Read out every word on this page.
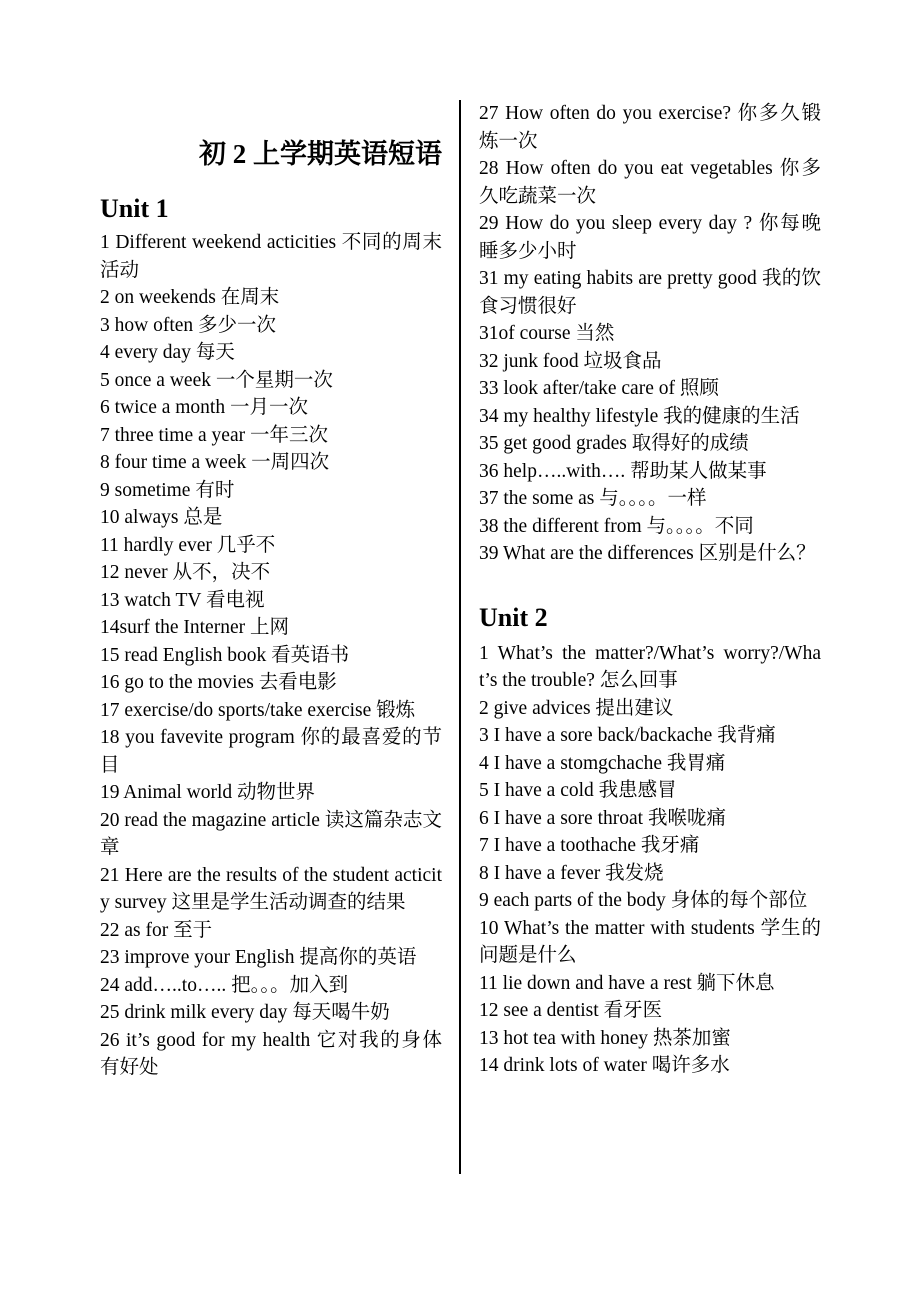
初 2 上学期英语短语
Unit 1
1 Different weekend acticities 不同的周末活动
2 on weekends 在周末
3 how often 多少一次
4 every day 每天
5 once a week 一个星期一次
6 twice a month 一月一次
7 three time a year 一年三次
8 four time a week 一周四次
9 sometime 有时
10 always 总是
11 hardly ever 几乎不
12 never 从不，决不
13 watch TV 看电视
14surf the Interner 上网
15 read English book 看英语书
16 go to the movies 去看电影
17 exercise/do sports/take exercise 锻炼
18 you favevite program 你的最喜爱的节目
19 Animal world 动物世界
20 read the magazine article 读这篇杂志文章
21 Here are the results of the student acticity survey 这里是学生活动调查的结果
22 as for 至于
23 improve your English 提高你的英语
24 add…..to….. 把。。。加入到
25 drink milk every day 每天喝牛奶
26 it’s good for my health 它对我的身体有好处
27 How often do you exercise? 你多久锻炼一次
28 How often do you eat vegetables 你多久吃蔬菜一次
29 How do you sleep every day ? 你每晚睡多少小时
31 my eating habits are pretty good 我的饮食习惯很好
31of course 当然
32 junk food 垃圾食品
33 look after/take care of 照顾
34 my healthy lifestyle 我的健康的生活
35 get good grades 取得好的成绩
36 help…..with…. 帮助某人做某事
37 the some as 与。。。。一样
38 the different from 与。。。。不同
39 What are the differences 区别是什么？
Unit 2
1 What’s the matter?/What’s worry?/What’s the trouble? 怎么回事
2 give advices 提出建议
3 I have a sore back/backache 我背痛
4 I have a stomgchache 我胃痛
5 I have a cold 我患感冒
6 I have a sore throat 我喉咙痛
7 I have a toothache 我牙痛
8 I have a fever 我发烧
9 each parts of the body 身体的每个部位
10 What’s the matter with students 学生的问题是什么
11 lie down and have a rest 躺下休息
12 see a dentist 看牙医
13 hot tea with honey 热茶加蜜
14 drink lots of water 喝许多水
